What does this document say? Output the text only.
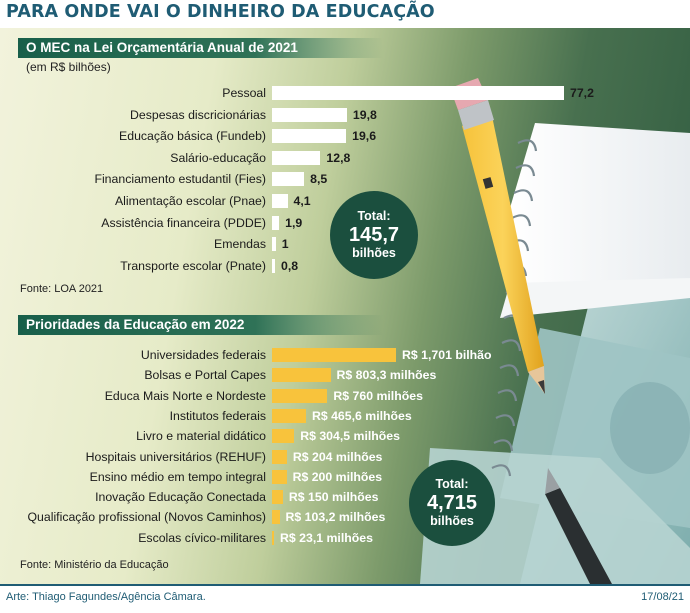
PARA ONDE VAI O DINHEIRO DA EDUCAÇÃO
O MEC na Lei Orçamentária Anual de 2021
(em R$ bilhões)
Pessoal	77,2
Despesas discricionárias	19,8
Educação básica (Fundeb)	19,6
Salário-educação	12,8
Financiamento estudantil (Fies)	8,5
Alimentação escolar (Pnae) 4,1
Assistência financeira (PDDE) 1,9
Emendas 1
Transporte escolar (Pnate) 0,8
Total:
145,7
bilhões
Fonte: LOA 2021
Prioridades da Educação em 2022
Universidades federais	R$ 1,701 bilhão
Bolsas e Portal Capes	R$ 803,3 milhões
Educa Mais Norte e Nordeste	R$ 760 milhões
Institutos federais	R$ 465,6 milhões
Livro e material didático	R$ 304,5 milhões
Hospitais universitários (REHUF) R$ 204 milhões
Ensino médio em tempo integral R$ 200 milhões
Inovação Educação Conectada R$ 150 milhões
Qualificação profissional (Novos Caminhos) R$ 103,2 milhões
Escolas cívico-militares R$ 23,1 milhões
Total:
4,715
bilhões
Fonte: Ministério da Educação
Arte: Thiago Fagundes/Agência Câmara.	17/08/21
